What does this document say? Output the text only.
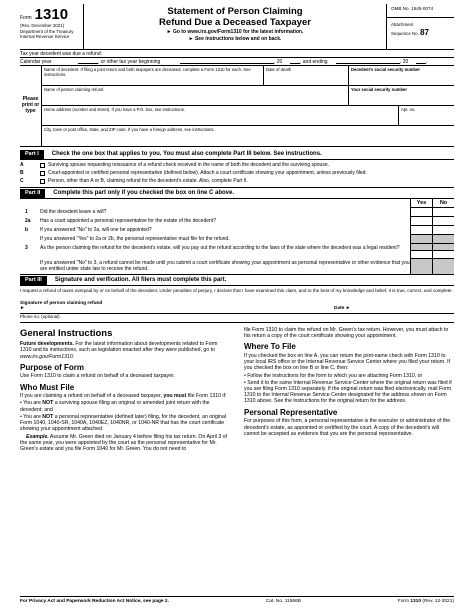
Form 1310
(Rev. December 2021)
Department of the Treasury
Internal Revenue Service
Statement of Person Claiming
Refund Due a Deceased Taxpayer
► Go to www.irs.gov/Form1310 for the latest information.
► See instructions below and on back.
OMB No. 1545-0074
Attachment
Sequence No. 87
Tax year decedent was due a refund:
Calendar year	, or other tax year beginning	, 20	, and ending	, 20	.
Please print or type
Name of decedent. If filing a joint return and both taxpayers are deceased, complete a Form 1310 for each. See instructions.
Date of death	Decedent's social security number
Name of person claiming refund	Your social security number
Home address (number and street). If you have a P.O. box, see instructions.	Apt. no.
City, town or post office, state, and ZIP code. If you have a foreign address, see instructions.
Part I	Check the one box that applies to you. You must also complete Part III below. See instructions.
A	Surviving spouse requesting reissuance of a refund check received in the name of both the decedent and the surviving spouse.
B	Court-appointed or certified personal representative (defined below). Attach a court certificate showing your appointment, unless previously filed.
C	Person, other than A or B, claiming refund for the decedent's estate. Also, complete Part II.
Part II	Complete this part only if you checked the box on line C above.
1	Did the decedent leave a will?
2a	Has a court appointed a personal representative for the estate of the decedent?
b	If you answered "No" to 2a, will one be appointed?
If you answered "Yes" to 2a or 2b, the personal representative must file for the refund.
3	As the person claiming the refund for the decedent's estate, will you pay out the refund according to the laws of the state where the decedent was a legal resident?
If you answered "No" to 3, a refund cannot be made until you submit a court certificate showing your appointment as personal representative or other evidence that you are entitled under state law to receive the refund.
Yes	No
Part III	Signature and verification. All filers must complete this part.
I request a refund of taxes overpaid by or on behalf of the decedent. Under penalties of perjury, I declare that I have examined this claim, and to the best of my knowledge and belief, it is true, correct, and complete.
Signature of person claiming refund ►	Date ►
Phone no. (optional)
General Instructions

Future developments. For the latest information about developments related to Form 1310 and its instructions, such as legislation enacted after they were published, go to www.irs.gov/Form1310.

Purpose of Form

Use Form 1310 to claim a refund on behalf of a deceased taxpayer.

Who Must File

If you are claiming a refund on behalf of a deceased taxpayer, you must file Form 1310 if:

• You are NOT a surviving spouse filing an original or amended joint return with the decedent; and

• You are NOT a personal representative (defined later) filing, for the decedent, an original Form 1040, 1040-SR, 1040A, 1040EZ, 1040NR, or 1040-NR that has the court certificate showing your appointment attached.

Example. Assume Mr. Green died on January 4 before filing his tax return. On April 3 of the same year, you were appointed by the court as the personal representative for Mr. Green's estate and you file Form 1040 for Mr. Green. You do not need to

file Form 1310 to claim the refund on Mr. Green's tax return. However, you must attach to his return a copy of the court certificate showing your appointment.

Where To File

If you checked the box on line A, you can return the joint-name check with Form 1310 to your local IRS office or the Internal Revenue Service Center where you filed your return. If you checked the box on line B or line C, then:

• Follow the instructions for the form to which you are attaching Form 1310, or

• Send it to the same Internal Revenue Service Center where the original return was filed if you are filing Form 1310 separately. If the original return was filed electronically, mail Form 1310 to the Internal Revenue Service Center designated for the address shown on Form 1310 above. See the instructions for the original return for the address.

Personal Representative

For purposes of this form, a personal representative is the executor or administrator of the decedent's estate, as appointed or certified by the court. A copy of the decedent's will cannot be accepted as evidence that you are the personal representative.

For Privacy Act and Paperwork Reduction Act Notice, see page 2.	Cat. No. 11566B	Form 1310 (Rev. 12-2021)
